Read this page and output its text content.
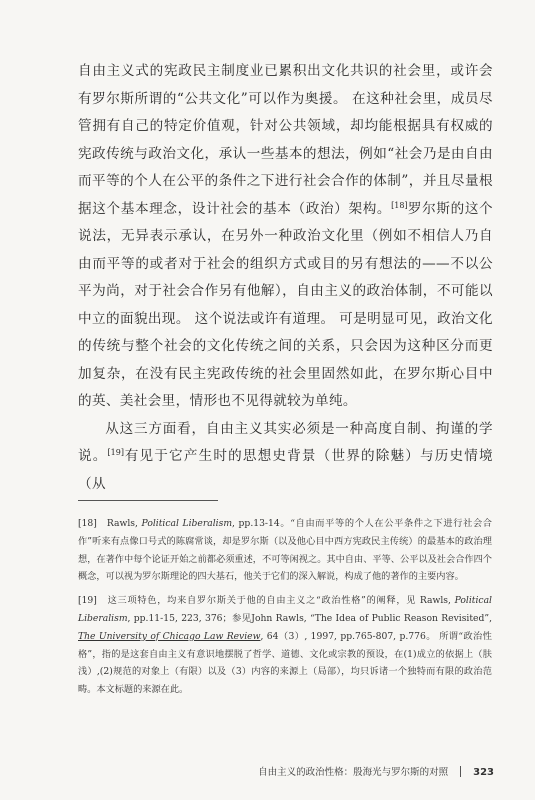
自由主义式的宪政民主制度业已累积出文化共识的社会里，或许会有罗尔斯所谓的“公共文化”可以作为奥援。 在这种社会里，成员尽管拥有自己的特定价值观，针对公共领域，却均能根据具有权威的宪政传统与政治文化，承认一些基本的想法，例如“社会乃是由自由而平等的个人在公平的条件之下进行社会合作的体制”，并且尽量根据这个基本理念，设计社会的基本（政治）架构。[18]罗尔斯的这个说法，无异表示承认，在另外一种政治文化里（例如不相信人乃自由而平等的或者对于社会的组织方式或目的另有想法的——不以公平为尚，对于社会合作另有他解），自由主义的政治体制，不可能以中立的面貌出现。 这个说法或许有道理。 可是明显可见，政治文化的传统与整个社会的文化传统之间的关系，只会因为这种区分而更加复杂，在没有民主宪政传统的社会里固然如此，在罗尔斯心目中的英、美社会里，情形也不见得就较为单纯。

从这三方面看，自由主义其实必须是一种高度自制、拘谨的学说。[19]有见于它产生时的思想史背景（世界的除魅）与历史情境（从

[18] Rawls, Political Liberalism, pp.13-14。“自由而平等的个人在公平条件之下进行社会合作”听来有点像口号式的陈腐常谈，却是罗尔斯（以及他心目中西方宪政民主传统）的最基本的政治理想，在著作中每个论证开始之前都必须重述，不可等闲视之。其中自由、平等、公平以及社会合作四个概念，可以视为罗尔斯理论的四大基石，他关于它们的深入解说，构成了他的著作的主要内容。

[19] 这三项特色，均来自罗尔斯关于他的自由主义之“政治性格”的阐释，见 Rawls, Political Liberalism, pp.11-15, 223, 376；参见John Rawls, “The Idea of Public Reason Revisited”, The University of Chicago Law Review, 64（3）, 1997, pp.765-807, p.776。 所谓“政治性格”，指的是这套自由主义有意识地摆脱了哲学、道德、文化或宗教的预设，在(1)成立的依据上（肤浅）,(2)规范的对象上（有限）以及（3）内容的来源上（局部），均只诉诸一个独特而有限的政治范畴。本文标题的来源在此。

自由主义的政治性格：殷海光与罗尔斯的对照	323
